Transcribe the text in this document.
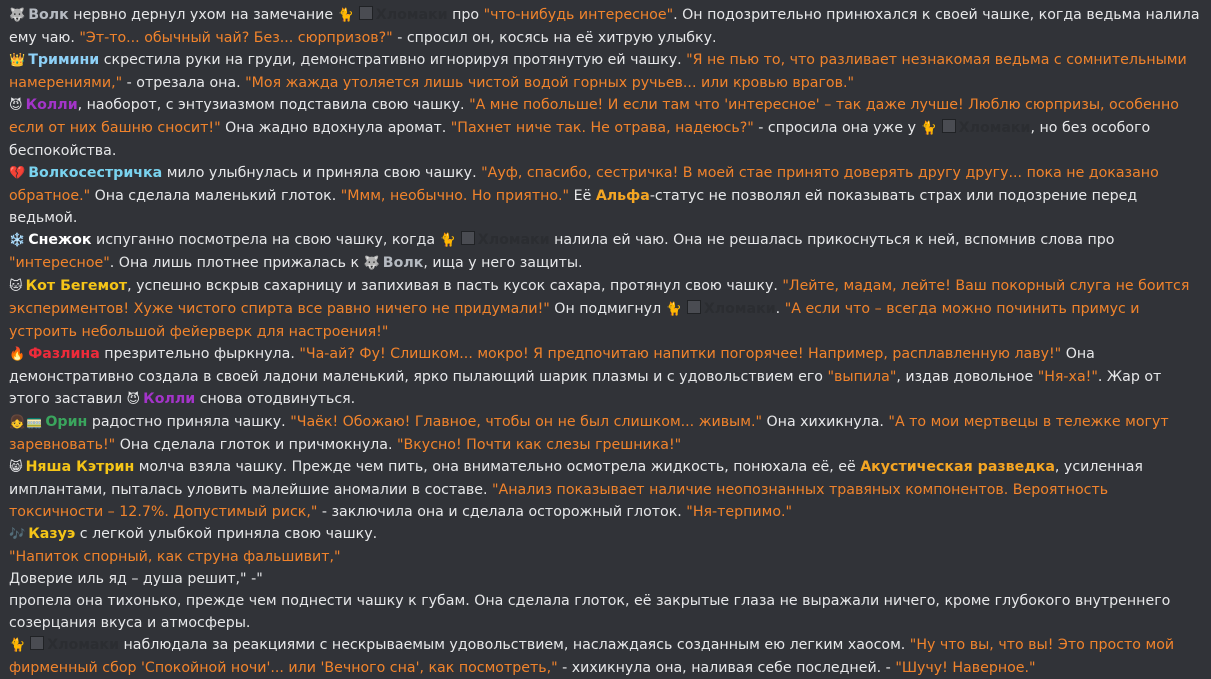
🐺 Волк нервно дернул ухом на замечание 🐈 Хломаки про "что-нибудь интересное". Он подозрительно принюхался к своей чашке, когда ведьма налила ему чаю. "Эт-то... обычный чай? Без... сюрпризов?" - спросил он, косясь на её хитрую улыбку.

👑 Тримини скрестила руки на груди, демонстративно игнорируя протянутую ей чашку. "Я не пью то, что разливает незнакомая ведьма с сомнительными намерениями," - отрезала она. "Моя жажда утоляется лишь чистой водой горных ручьев... или кровью врагов."

😈 Колли, наоборот, с энтузиазмом подставила свою чашку. "А мне побольше! И если там что 'интересное' – так даже лучше! Люблю сюрпризы, особенно если от них башню сносит!" Она жадно вдохнула аромат. "Пахнет ниче так. Не отрава, надеюсь?" - спросила она уже у 🐈 Хломаки, но без особого беспокойства.

💔 Волкосестричка мило улыбнулась и приняла свою чашку. "Ауф, спасибо, сестричка! В моей стае принято доверять другу другу... пока не доказано обратное." Она сделала маленький глоток. "Ммм, необычно. Но приятно." Её Альфа-статус не позволял ей показывать страх или подозрение перед ведьмой.

❄️ Снежок испуганно посмотрела на свою чашку, когда 🐈 Хломаки налила ей чаю. Она не решалась прикоснуться к ней, вспомнив слова про "интересное". Она лишь плотнее прижалась к 🐺 Волк, ища у него защиты.

🐱 Кот Бегемот, успешно вскрыв сахарницу и запихивая в пасть кусок сахара, протянул свою чашку. "Лейте, мадам, лейте! Ваш покорный слуга не боится экспериментов! Хуже чистого спирта все равно ничего не придумали!" Он подмигнул 🐈 Хломаки. "А если что – всегда можно починить примус и устроить небольшой фейерверк для настроения!"

🔥 Фазлина презрительно фыркнула. "Ча-ай? Фу! Слишком... мокро! Я предпочитаю напитки погорячее! Например, расплавленную лаву!" Она демонстративно создала в своей ладони маленький, ярко пылающий шарик плазмы и с удовольствием его "выпила", издав довольное "Ня-ха!". Жар от этого заставил 😈 Колли снова отодвинуться.

👧🚃 Орин радостно приняла чашку. "Чаёк! Обожаю! Главное, чтобы он не был слишком... живым." Она хихикнула. "А то мои мертвецы в тележке могут заревновать!" Она сделала глоток и причмокнула. "Вкусно! Почти как слезы грешника!"

😸 Няша Кэтрин молча взяла чашку. Прежде чем пить, она внимательно осмотрела жидкость, понюхала её, её Акустическая разведка, усиленная имплантами, пыталась уловить малейшие аномалии в составе. "Анализ показывает наличие неопознанных травяных компонентов. Вероятность токсичности – 12.7%. Допустимый риск," - заключила она и сделала осторожный глоток. "Ня-терпимо."

🎶 Казуэ с легкой улыбкой приняла свою чашку.

"Напиток спорный, как струна фальшивит,"

Доверие иль яд – душа решит," -"

пропела она тихонько, прежде чем поднести чашку к губам. Она сделала глоток, её закрытые глаза не выражали ничего, кроме глубокого внутреннего созерцания вкуса и атмосферы.

🐈 Хломаки наблюдала за реакциями с нескрываемым удовольствием, наслаждаясь созданным ею легким хаосом. "Ну что вы, что вы! Это просто мой фирменный сбор 'Спокойной ночи'... или 'Вечного сна', как посмотреть," - хихикнула она, наливая себе последней. - "Шучу! Наверное."
